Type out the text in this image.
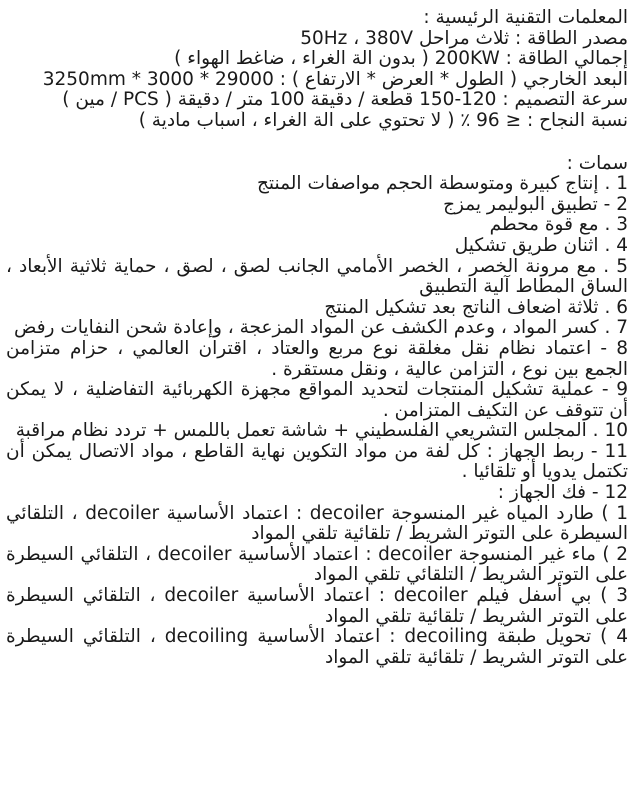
المعلمات التقنية الرئيسية :
مصدر الطاقة : ثلاث مراحل 50Hz ، 380V
إجمالي الطاقة : 200KW ( بدون آلة الغراء ، ضاغط الهواء )
البعد الخارجي ( الطول * العرض * الارتفاع ) : 29000 * 3000 * 3250mm
سرعة التصميم : 120-150 قطعة / دقيقة 100 متر / دقيقة ( PCS / مين )
نسبة النجاح : ≤ 96 ٪ ( لا تحتوي على آلة الغراء ، أسباب مادية )
سمات :
1 . إنتاج كبيرة ومتوسطة الحجم مواصفات المنتج
2 - تطبيق البوليمر يمزج
3 . مع قوة محطم
4 . اثنان طريق تشكيل
5 . مع مرونة الخصر ، الخصر الأمامي الجانب لصق ، لصق ، حماية ثلاثية الأبعاد ، الساق المطاط آلية التطبيق
6 . ثلاثة أضعاف الناتج بعد تشكيل المنتج
7 . كسر المواد ، وعدم الكشف عن المواد المزعجة ، وإعادة شحن النفايات رفض
8 - اعتماد نظام نقل مغلقة نوع مربع والعتاد ، اقتران العالمي ، حزام متزامن الجمع بين نوع ، التزامن عالية ، ونقل مستقرة .
9 - عملية تشكيل المنتجات لتحديد المواقع مجهزة الكهربائية التفاضلية ، لا يمكن أن تتوقف عن التكيف المتزامن .
10 . المجلس التشريعي الفلسطيني + شاشة تعمل باللمس + تردد نظام مراقبة
11 - ربط الجهاز : كل لفة من مواد التكوين نهاية القاطع ، مواد الاتصال يمكن أن تكتمل يدويا أو تلقائيا .
12 - فك الجهاز :
1 ) طارد المياه غير المنسوجة decoiler : اعتماد الأساسية decoiler ، التلقائي السيطرة على التوتر الشريط / تلقائية تلقي المواد
2 ) ماء غير المنسوجة decoiler : اعتماد الأساسية decoiler ، التلقائي السيطرة على التوتر الشريط / التلقائي تلقي المواد
3 ) بي أسفل فيلم decoiler : اعتماد الأساسية decoiler ، التلقائي السيطرة على التوتر الشريط / تلقائية تلقي المواد
4 ) تحويل طبقة decoiling : اعتماد الأساسية decoiling ، التلقائي السيطرة على التوتر الشريط / تلقائية تلقي المواد
